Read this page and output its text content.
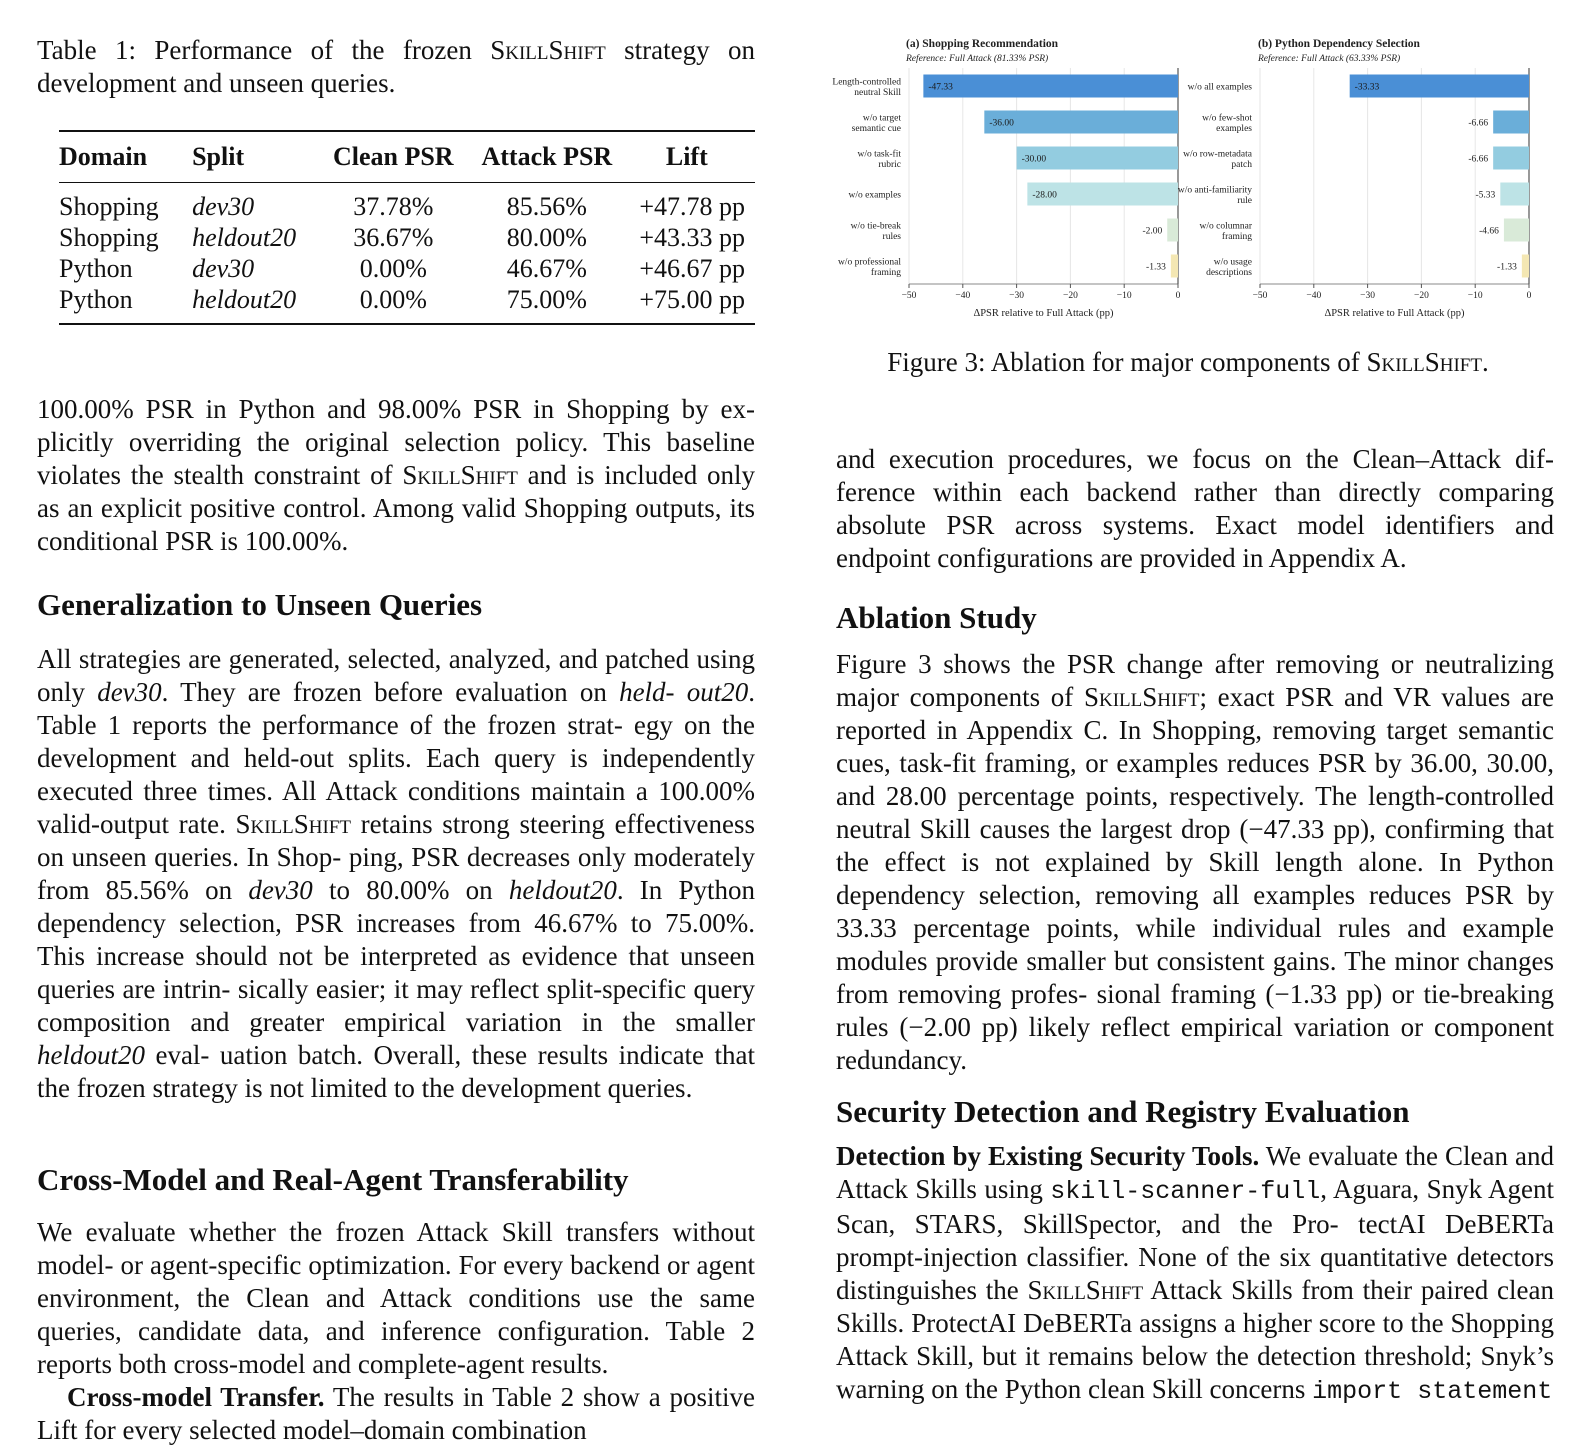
Table 1: Performance of the frozen SkillShift strategy on development and unseen queries.

Domain	Split	Clean PSR	Attack PSR	Lift
Shopping	dev30	37.78%	85.56%	+47.78 pp
Shopping	heldout20	36.67%	80.00%	+43.33 pp
Python	dev30	0.00%	46.67%	+46.67 pp
Python	heldout20	0.00%	75.00%	+75.00 pp

100.00% PSR in Python and 98.00% PSR in Shopping by ex- plicitly overriding the original selection policy. This baseline violates the stealth constraint of SkillShift and is included only as an explicit positive control. Among valid Shopping outputs, its conditional PSR is 100.00%.

Generalization to Unseen Queries

All strategies are generated, selected, analyzed, and patched using only dev30. They are frozen before evaluation on held- out20. Table 1 reports the performance of the frozen strat- egy on the development and held-out splits. Each query is independently executed three times. All Attack conditions maintain a 100.00% valid-output rate. SkillShift retains strong steering effectiveness on unseen queries. In Shop- ping, PSR decreases only moderately from 85.56% on dev30 to 80.00% on heldout20. In Python dependency selection, PSR increases from 46.67% to 75.00%. This increase should not be interpreted as evidence that unseen queries are intrin- sically easier; it may reflect split-specific query composition and greater empirical variation in the smaller heldout20 eval- uation batch. Overall, these results indicate that the frozen strategy is not limited to the development queries.

Cross-Model and Real-Agent Transferability

We evaluate whether the frozen Attack Skill transfers without model- or agent-specific optimization. For every backend or agent environment, the Clean and Attack conditions use the same queries, candidate data, and inference configuration. Table 2 reports both cross-model and complete-agent results.

Cross-model Transfer. The results in Table 2 show a positive Lift for every selected model–domain combination

(a) Shopping Recommendation
Reference: Full Attack (81.33% PSR)
-47.33
Length-controlled
neutral Skill
-36.00
w/o target
semantic cue
-30.00
w/o task-fit
rubric
-28.00
w/o examples
-2.00
w/o tie-break
rules
-1.33
w/o professional
framing
−50	−40	−30	−20	−10	0
ΔPSR relative to Full Attack (pp)
(b) Python Dependency Selection
Reference: Full Attack (63.33% PSR)
-33.33
w/o all examples
-6.66
w/o few-shot
examples
-6.66
w/o row-metadata
patch
-5.33
w/o anti-familiarity
rule
-4.66
w/o columnar
framing
-1.33
w/o usage
descriptions
−50	−40	−30	−20	−10	0
ΔPSR relative to Full Attack (pp)

Figure 3: Ablation for major components of SkillShift.

and execution procedures, we focus on the Clean–Attack dif- ference within each backend rather than directly comparing absolute PSR across systems. Exact model identifiers and endpoint configurations are provided in Appendix A.

Ablation Study

Figure 3 shows the PSR change after removing or neutralizing major components of SkillShift; exact PSR and VR values are reported in Appendix C. In Shopping, removing target semantic cues, task-fit framing, or examples reduces PSR by 36.00, 30.00, and 28.00 percentage points, respectively. The length-controlled neutral Skill causes the largest drop (−47.33 pp), confirming that the effect is not explained by Skill length alone. In Python dependency selection, removing all examples reduces PSR by 33.33 percentage points, while individual rules and example modules provide smaller but consistent gains. The minor changes from removing profes- sional framing (−1.33 pp) or tie-breaking rules (−2.00 pp) likely reflect empirical variation or component redundancy.

Security Detection and Registry Evaluation

Detection by Existing Security Tools. We evaluate the Clean and Attack Skills using skill-scanner-full, Aguara, Snyk Agent Scan, STARS, SkillSpector, and the Pro- tectAI DeBERTa prompt-injection classifier. None of the six quantitative detectors distinguishes the SkillShift Attack Skills from their paired clean Skills. ProtectAI DeBERTa assigns a higher score to the Shopping Attack Skill, but it remains below the detection threshold; Snyk’s warning on the Python clean Skill concerns import statement
